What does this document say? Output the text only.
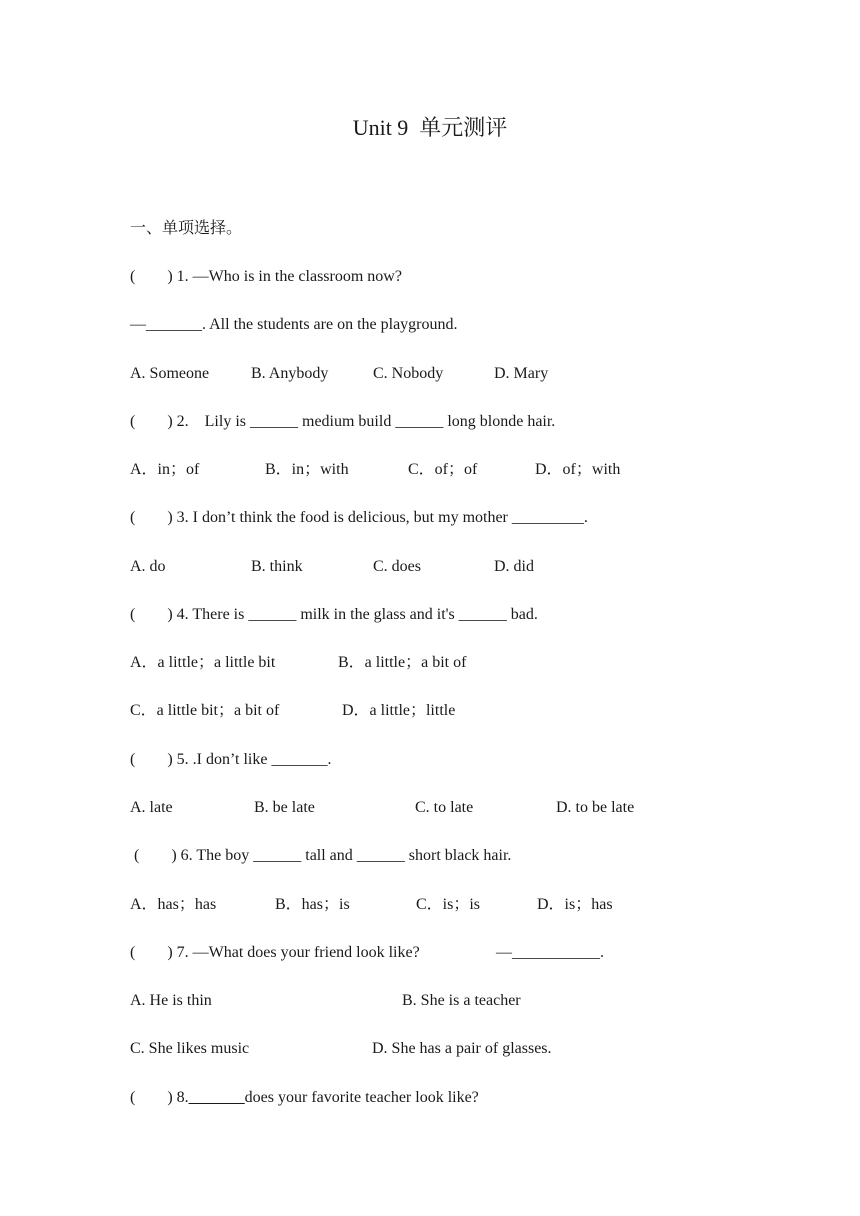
Unit 9  单元测评
一、单项选择。
(        ) 1. —Who is in the classroom now?
—_______. All the students are on the playground.
A. Someone	B. Anybody	C. Nobody	D. Mary
(        ) 2.    Lily is ______ medium build ______ long blonde hair.
A．in；of	B．in；with	C．of；of	D．of；with
(        ) 3. I don’t think the food is delicious, but my mother _________.
A. do	B. think	C. does	D. did
(        ) 4. There is ______ milk in the glass and it's ______ bad.
A．a little；a little bit	B．a little；a bit of
C．a little bit；a bit of	D．a little；little
(        ) 5. .I don’t like _______.
A. late	B. be late	C. to late	D. to be late
(        ) 6. The boy ______ tall and ______ short black hair.
A．has；has	B．has；is	C．is；is	D．is；has
(        ) 7. —What does your friend look like?	—___________.
A. He is thin	B. She is a teacher
C. She likes music	D. She has a pair of glasses.
(        ) 8._______does your favorite teacher look like?
